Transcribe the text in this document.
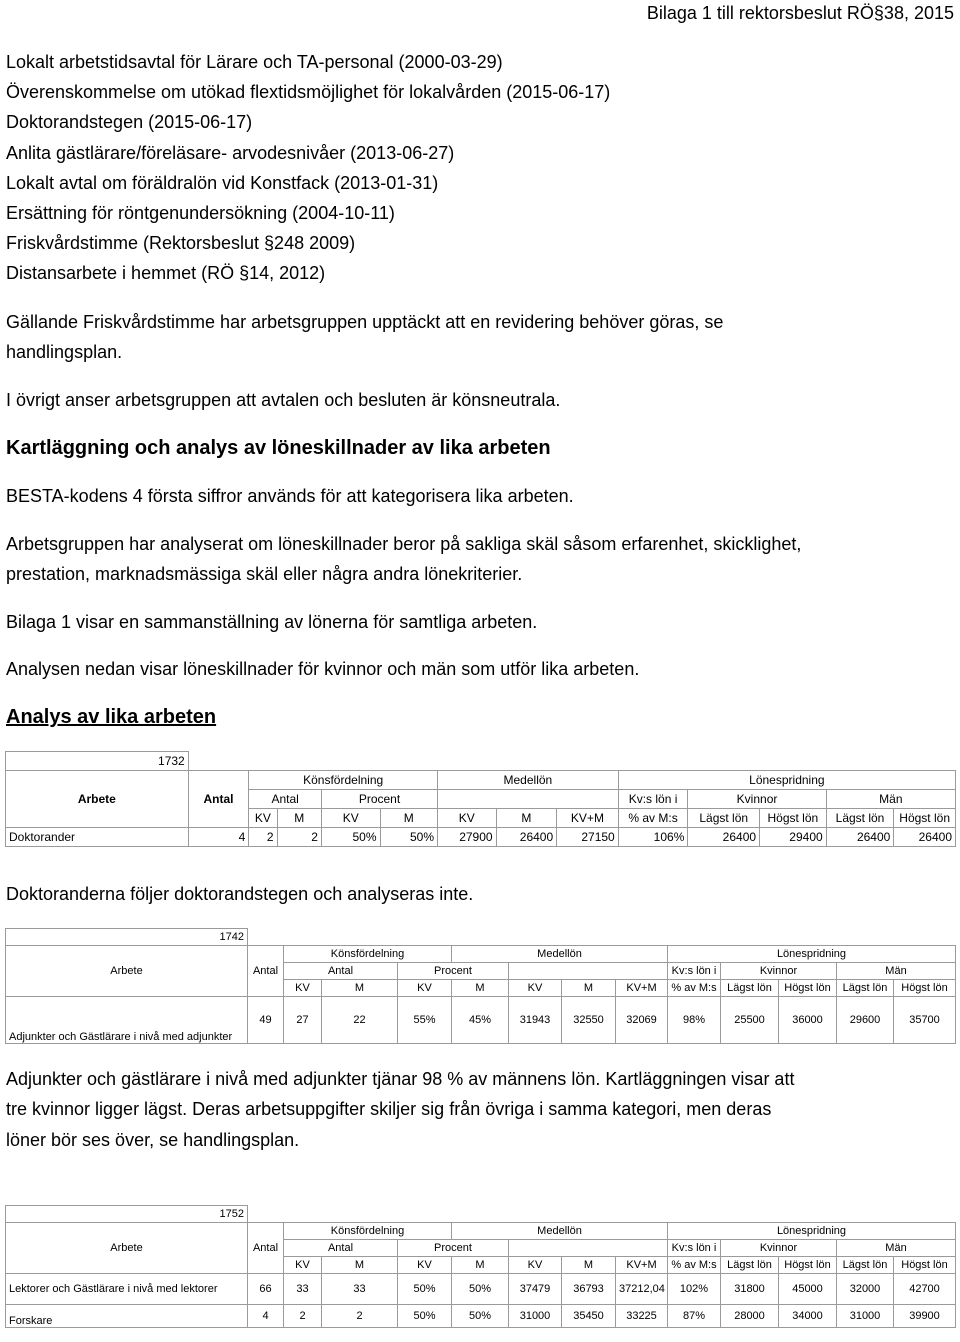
Bilaga 1 till rektorsbeslut RÖ§38, 2015
Lokalt arbetstidsavtal för Lärare och TA-personal (2000-03-29)
Överenskommelse om utökad flextidsmöjlighet för lokalvården (2015-06-17)
Doktorandstegen (2015-06-17)
Anlita gästlärare/föreläsare- arvodesnivåer (2013-06-27)
Lokalt avtal om föräldralön vid Konstfack (2013-01-31)
Ersättning för röntgenundersökning (2004-10-11)
Friskvårdstimme (Rektorsbeslut §248 2009)
Distansarbete i hemmet (RÖ §14, 2012)
Gällande Friskvårdstimme har arbetsgruppen upptäckt att en revidering behöver göras, se
handlingsplan.
I övrigt anser arbetsgruppen att avtalen och besluten är könsneutrala.
Kartläggning och analys av löneskillnader av lika arbeten
BESTA-kodens 4 första siffror används för att kategorisera lika arbeten.
Arbetsgruppen har analyserat om löneskillnader beror på sakliga skäl såsom erfarenhet, skicklighet,
prestation, marknadsmässiga skäl eller några andra lönekriterier.
Bilaga 1 visar en sammanställning av lönerna för samtliga arbeten.
Analysen nedan visar löneskillnader för kvinnor och män som utför lika arbeten.
Analys av lika arbeten
1732													
Arbete	Antal	Könsfördelning				Medellön			Lönespridning				
		Antal		Procent					Kv:s lön i	Kvinnor		Män	
		KV	M	KV	M	KV	M	KV+M	% av M:s	Lägst lön	Högst lön	Lägst lön	Högst lön
Doktorander	4	2	2	50%	50%	27900	26400	27150	106%	26400	29400	26400	26400
Doktoranderna följer doktorandstegen och analyseras inte.
1742													
Arbete	Antal	Könsfördelning			Medellön				Lönespridning				
		Antal		Procent					Kv:s lön i	Kvinnor		Män	
		KV	M	KV	M	KV	M	KV+M	% av M:s	Lägst lön	Högst lön	Lägst lön	Högst lön
Adjunkter och Gästlärare i nivå med adjunkter	49	27	22	55%	45%	31943	32550	32069	98%	25500	36000	29600	35700
Adjunkter och gästlärare i nivå med adjunkter tjänar 98 % av männens lön. Kartläggningen visar att
tre kvinnor ligger lägst. Deras arbetsuppgifter skiljer sig från övriga i samma kategori, men deras
löner bör ses över, se handlingsplan.
1752													
Arbete	Antal	Könsfördelning			Medellön				Lönespridning				
		Antal		Procent					Kv:s lön i	Kvinnor		Män	
		KV	M	KV	M	KV	M	KV+M	% av M:s	Lägst lön	Högst lön	Lägst lön	Högst lön
Lektorer och Gästlärare i nivå med lektorer	66	33	33	50%	50%	37479	36793	37212,04	102%	31800	45000	32000	42700
Forskare	4	2	2	50%	50%	31000	35450	33225	87%	28000	34000	31000	39900
